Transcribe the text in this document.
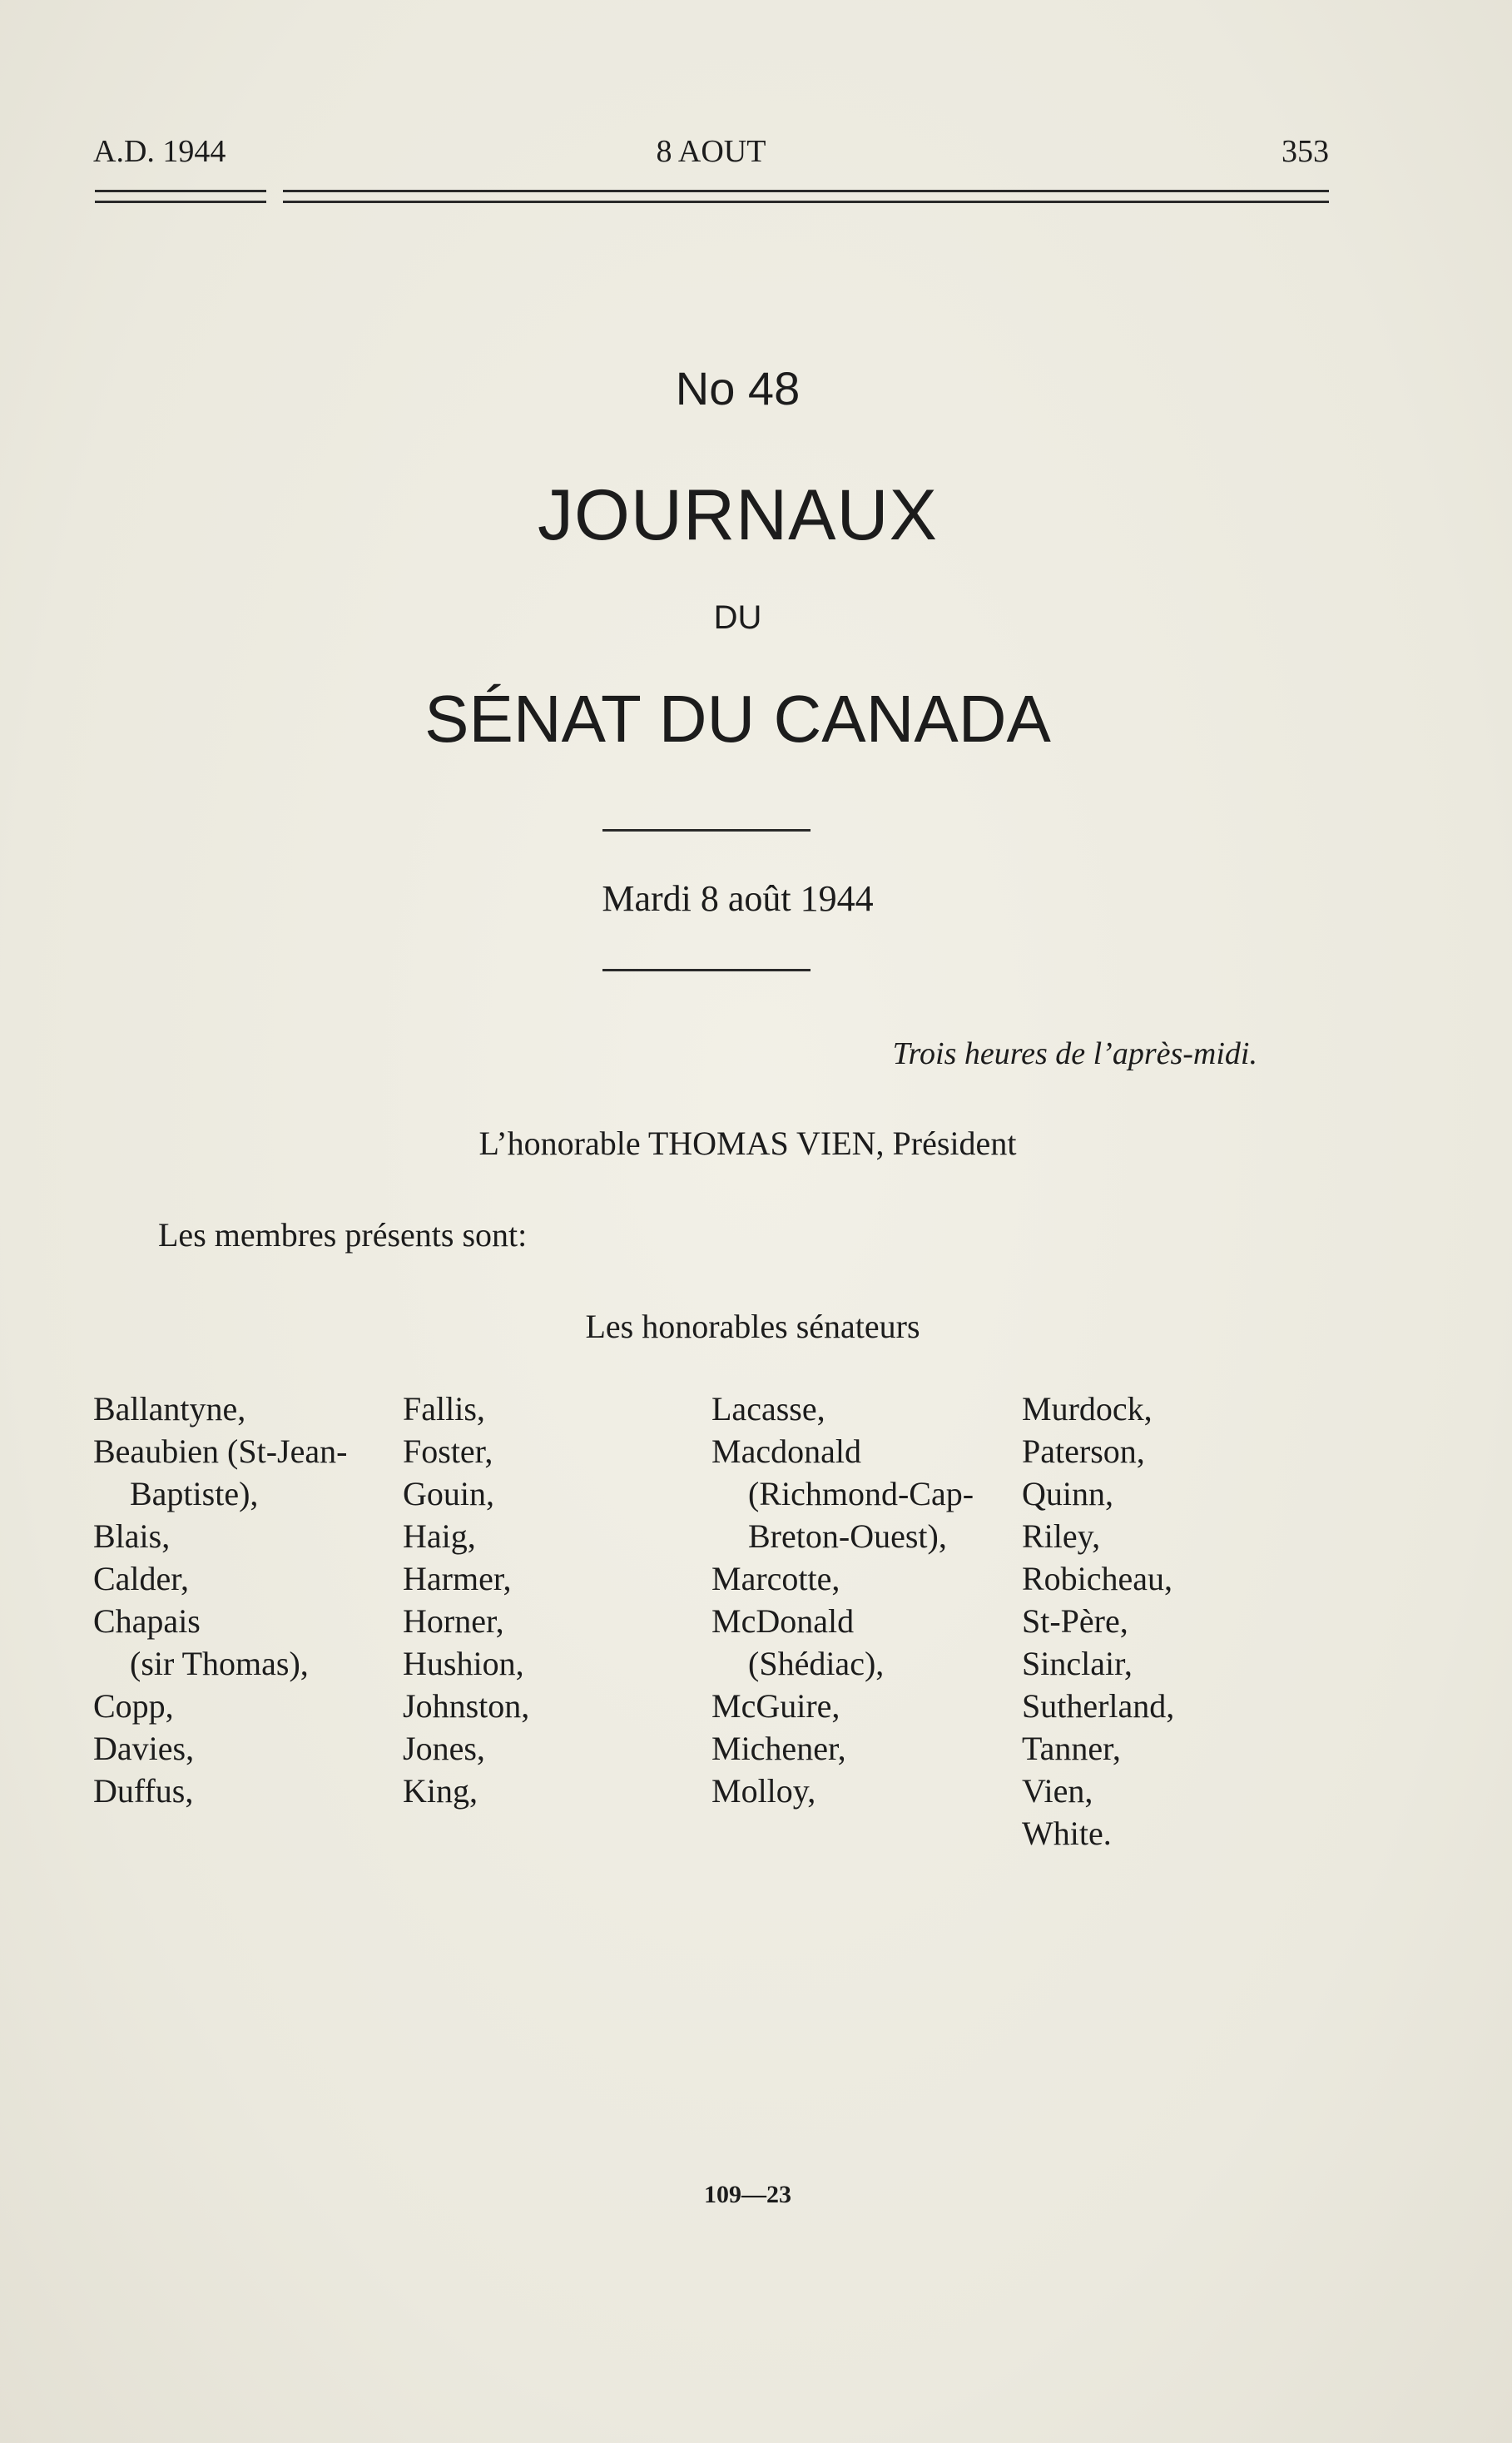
A.D. 1944	8 AOUT	353
No 48
JOURNAUX
DU
SÉNAT DU CANADA
Mardi 8 août 1944
Trois heures de l’après-midi.
L’honorable THOMAS VIEN, Président
Les membres présents sont:
Les honorables sénateurs
Ballantyne,
Beaubien (St-Jean-
Baptiste),
Blais,
Calder,
Chapais
(sir Thomas),
Copp,
Davies,
Duffus,
Fallis,
Foster,
Gouin,
Haig,
Harmer,
Horner,
Hushion,
Johnston,
Jones,
King,
Lacasse,
Macdonald
(Richmond-Cap-
Breton-Ouest),
Marcotte,
McDonald
(Shédiac),
McGuire,
Michener,
Molloy,
Murdock,
Paterson,
Quinn,
Riley,
Robicheau,
St-Père,
Sinclair,
Sutherland,
Tanner,
Vien,
White.
109—23
